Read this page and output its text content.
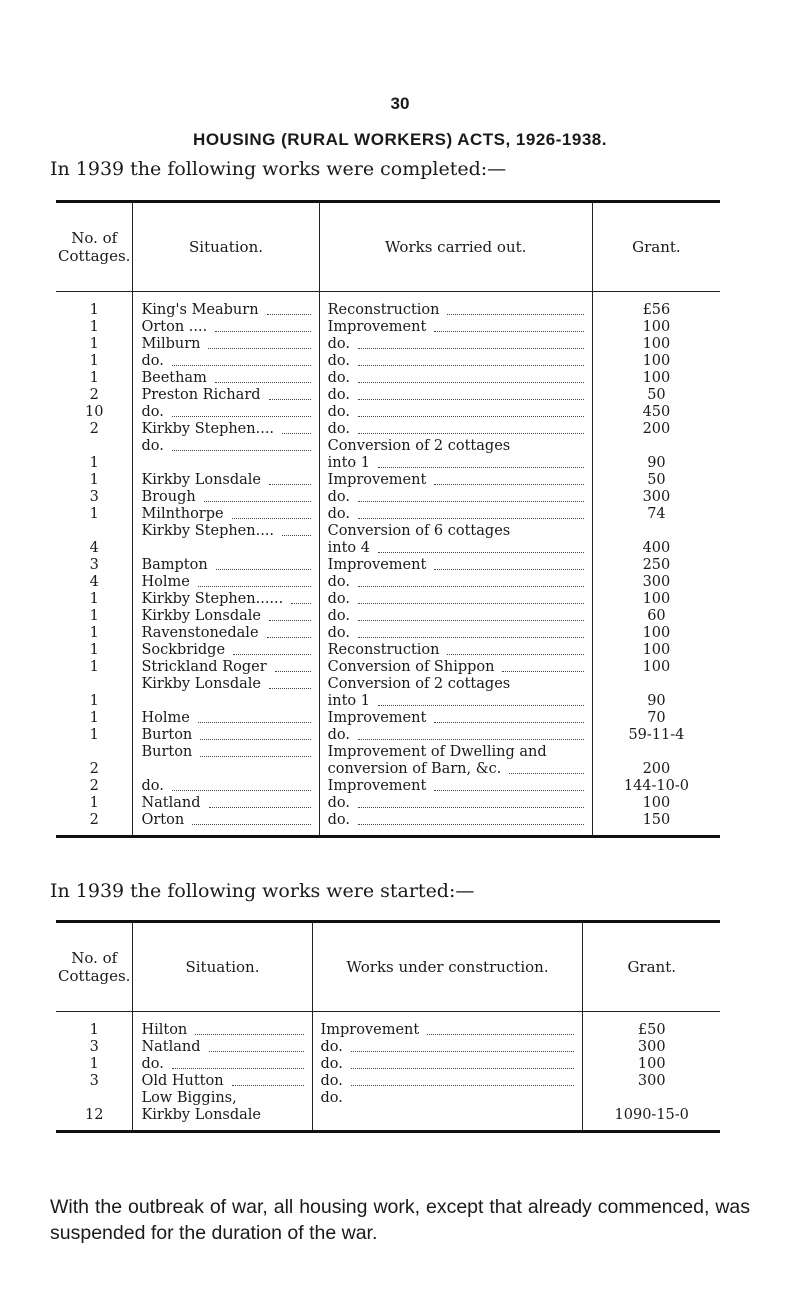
30
HOUSING (RURAL WORKERS) ACTS, 1926-1938.
In 1939 the following works were completed:—
No. of Cottages.	Situation.	Works carried out.	Grant.

1	King's Meaburn	Reconstruction	£56
1	Orton ....	Improvement	100
1	Milburn	do.	100
1	do.	do.	100
1	Beetham	do.	100
2	Preston Richard	do.	50
10	do.	do.	450
2	Kirkby Stephen....	do.	200

	do.	Conversion of 2 cottages	
1		into 1	90
1	Kirkby Lonsdale	Improvement	50
3	Brough	do.	300
1	Milnthorpe	do.	74

	Kirkby Stephen....	Conversion of 6 cottages	
4		into 4	400
3	Bampton	Improvement	250
4	Holme	do.	300
1	Kirkby Stephen......	do.	100
1	Kirkby Lonsdale	do.	60
1	Ravenstonedale	do.	100
1	Sockbridge	Reconstruction	100
1	Strickland Roger	Conversion of Shippon	100

	Kirkby Lonsdale	Conversion of 2 cottages	
1		into 1	90
1	Holme	Improvement	70
1	Burton	do.	59-11-4

	Burton	Improvement of Dwelling and	
2		conversion of Barn, &c.	200
2	do.	Improvement	144-10-0
1	Natland	do.	100
2	Orton	do.	150

In 1939 the following works were started:—
No. of Cottages.	Situation.	Works under construction.	Grant.

1	Hilton	Improvement	£50
3	Natland	do.	300
1	do.	do.	100
3	Old Hutton	do.	300
	Low Biggins,	do.	
12	Kirkby Lonsdale		1090-15-0

With the outbreak of war, all housing work, except that already commenced, was suspended for the duration of the war.
